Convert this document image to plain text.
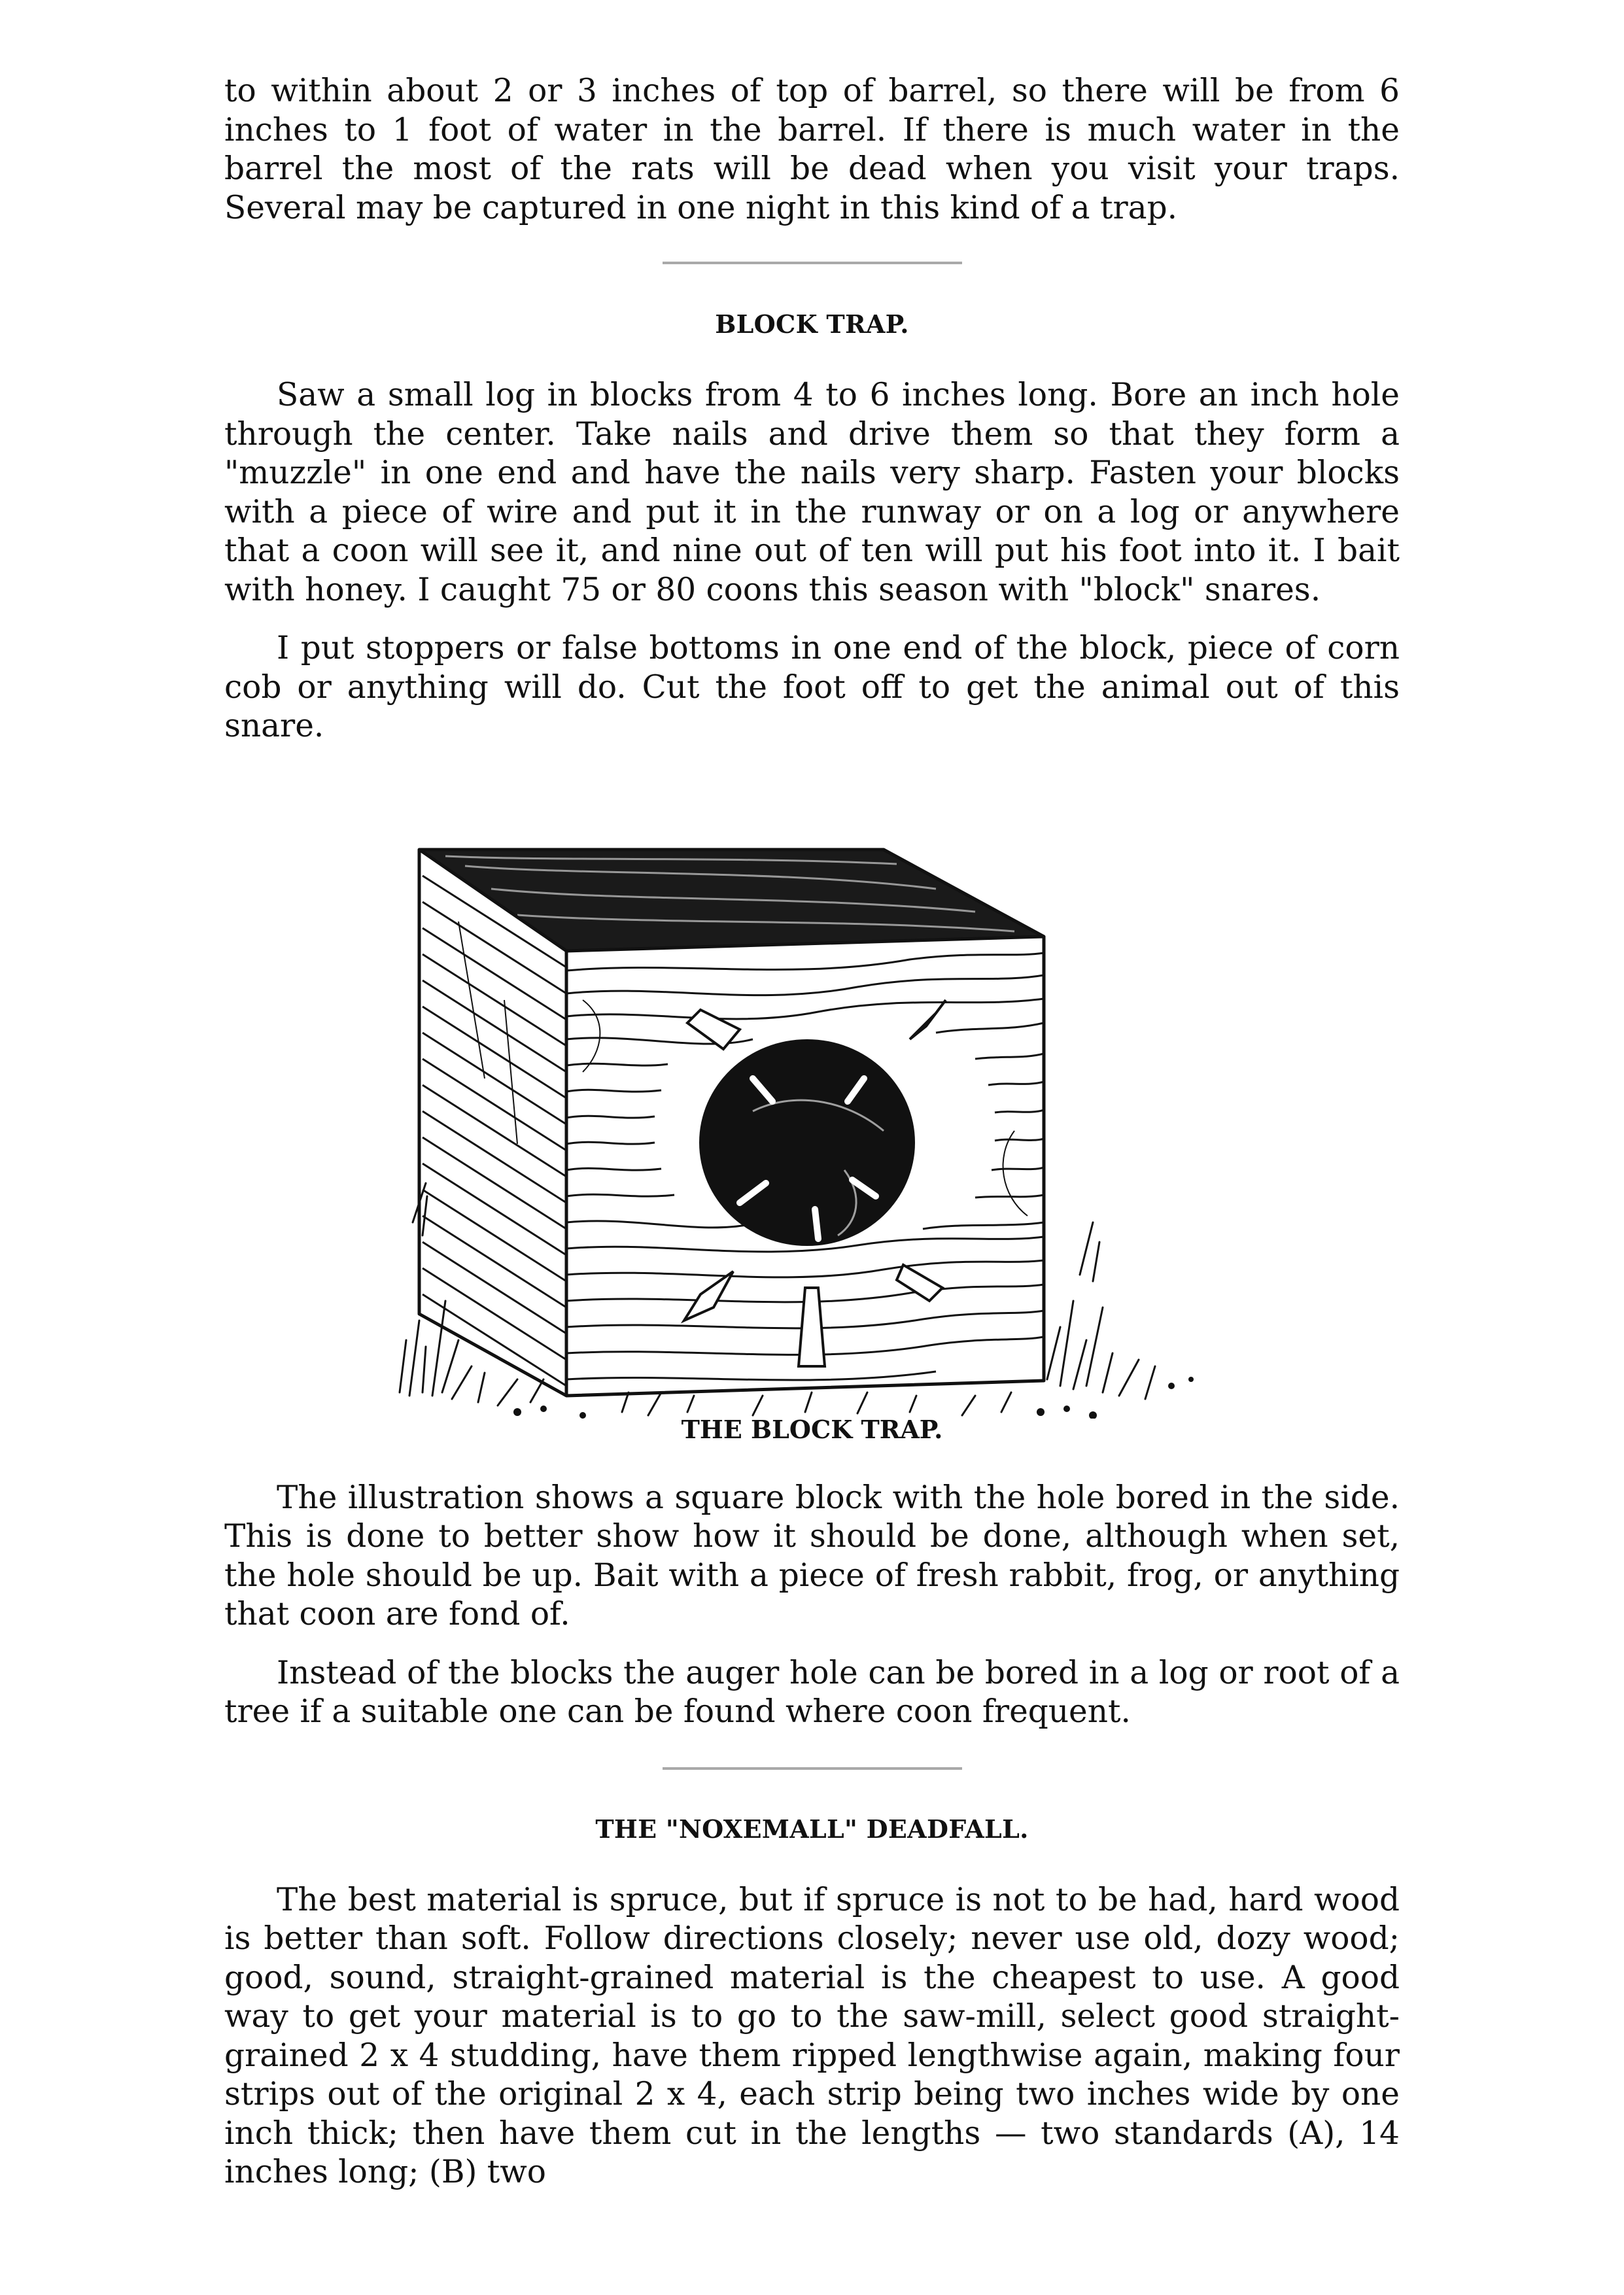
to within about 2 or 3 inches of top of barrel, so there will be from 6 inches to 1 foot of water in the barrel. If there is much water in the barrel the most of the rats will be dead when you visit your traps. Several may be captured in one night in this kind of a trap.

BLOCK TRAP.

Saw a small log in blocks from 4 to 6 inches long. Bore an inch hole through the center. Take nails and drive them so that they form a "muzzle" in one end and have the nails very sharp. Fasten your blocks with a piece of wire and put it in the runway or on a log or anywhere that a coon will see it, and nine out of ten will put his foot into it. I bait with honey. I caught 75 or 80 coons this season with "block" snares.

I put stoppers or false bottoms in one end of the block, piece of corn cob or anything will do. Cut the foot off to get the animal out of this snare.

THE BLOCK TRAP.

The illustration shows a square block with the hole bored in the side. This is done to better show how it should be done, although when set, the hole should be up. Bait with a piece of fresh rabbit, frog, or anything that coon are fond of.

Instead of the blocks the auger hole can be bored in a log or root of a tree if a suitable one can be found where coon frequent.

THE "NOXEMALL" DEADFALL.

The best material is spruce, but if spruce is not to be had, hard wood is better than soft. Follow directions closely; never use old, dozy wood; good, sound, straight-grained material is the cheapest to use. A good way to get your material is to go to the saw-mill, select good straight-grained 2 x 4 studding, have them ripped lengthwise again, making four strips out of the original 2 x 4, each strip being two inches wide by one inch thick; then have them cut in the lengths — two standards (A), 14 inches long; (B) two
